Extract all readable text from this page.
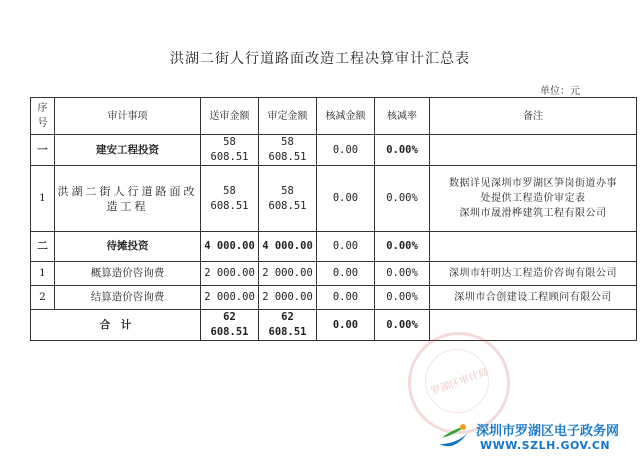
洪湖二街人行道路面改造工程决算审计汇总表
单位：元
序号	审计事项	送审金额	审定金额	核减金额	核减率	备注
一	建安工程投资	58 608.51	58 608.51	0.00	0.00%	
1	洪湖二街人行道路面改造工程	58 608.51	58 608.51	0.00	0.00%	数据详见深圳市罗湖区笋岗街道办事
处提供工程造价审定表
深圳市晟滑桦建筑工程有限公司

二	待摊投资	4 000.00	4 000.00	0.00	0.00%	
1	概算造价咨询费	2 000.00	2 000.00	0.00	0.00%	深圳市轩明达工程造价咨询有限公司
2	结算造价咨询费	2 000.00	2 000.00	0.00	0.00%	深圳市合创建设工程顾问有限公司
合　计		62 608.51	62 608.51	0.00	0.00%	
罗湖区审计局
深圳市罗湖区电子政务网
WWW.SZLH.GOV.CN
